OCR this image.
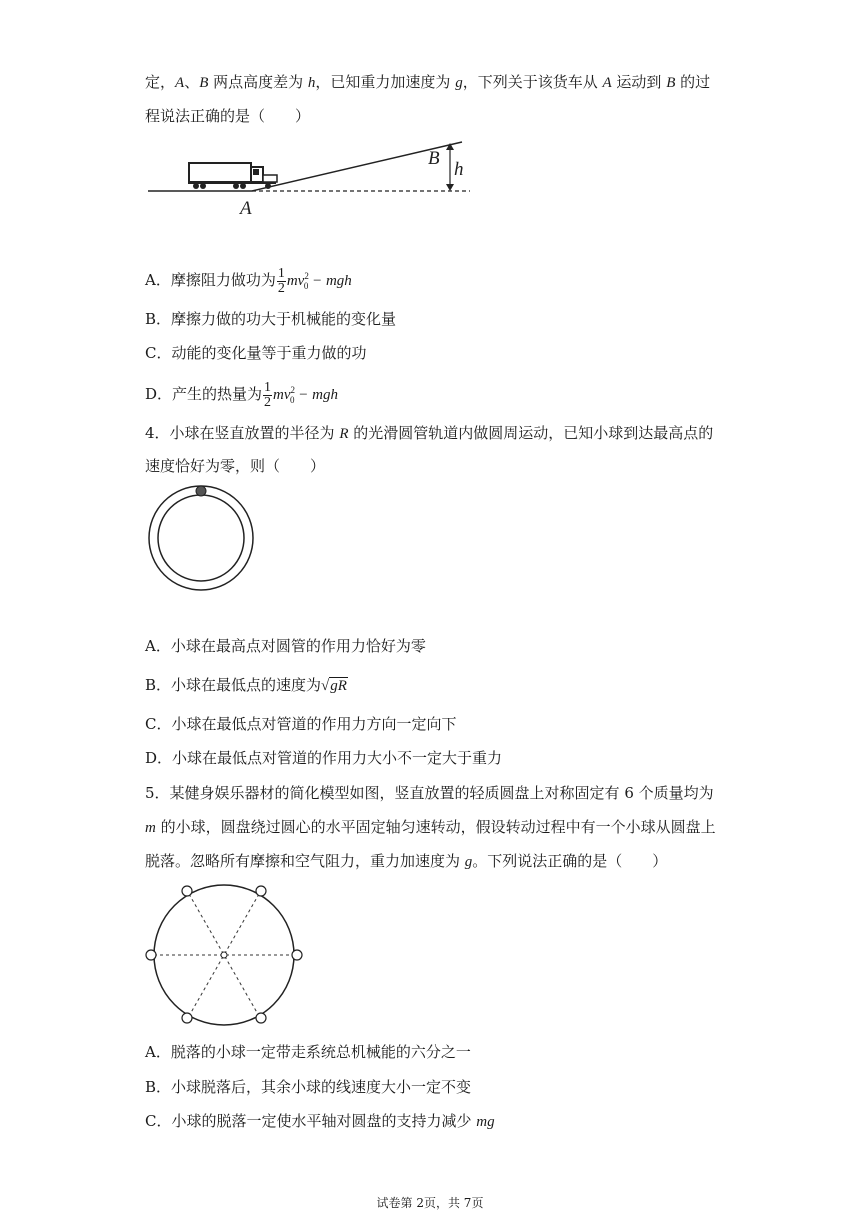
定，A、B 两点高度差为 h，已知重力加速度为 g，下列关于该货车从 A 运动到 B 的过
程说法正确的是（　　）
A
B
h
A．摩擦阻力做功为 $\frac{1}{2} mv^2_0$ − mgh
B．摩擦力做的功大于机械能的变化量
C．动能的变化量等于重力做的功
D．产生的热量为 $\frac{1}{2} mv^2_0$ − mgh
4．小球在竖直放置的半径为 R 的光滑圆管轨道内做圆周运动，已知小球到达最高点的
速度恰好为零，则（　　）
A．小球在最高点对圆管的作用力恰好为零
B．小球在最低点的速度为√gR
C．小球在最低点对管道的作用力方向一定向下
D．小球在最低点对管道的作用力大小不一定大于重力
5．某健身娱乐器材的简化模型如图，竖直放置的轻质圆盘上对称固定有 6 个质量均为
m 的小球，圆盘绕过圆心的水平固定轴匀速转动，假设转动过程中有一个小球从圆盘上
脱落。忽略所有摩擦和空气阻力，重力加速度为 g。下列说法正确的是（　　）
A．脱落的小球一定带走系统总机械能的六分之一
B．小球脱落后，其余小球的线速度大小一定不变
C．小球的脱落一定使水平轴对圆盘的支持力减少 mg
试卷第 2页，共 7页
